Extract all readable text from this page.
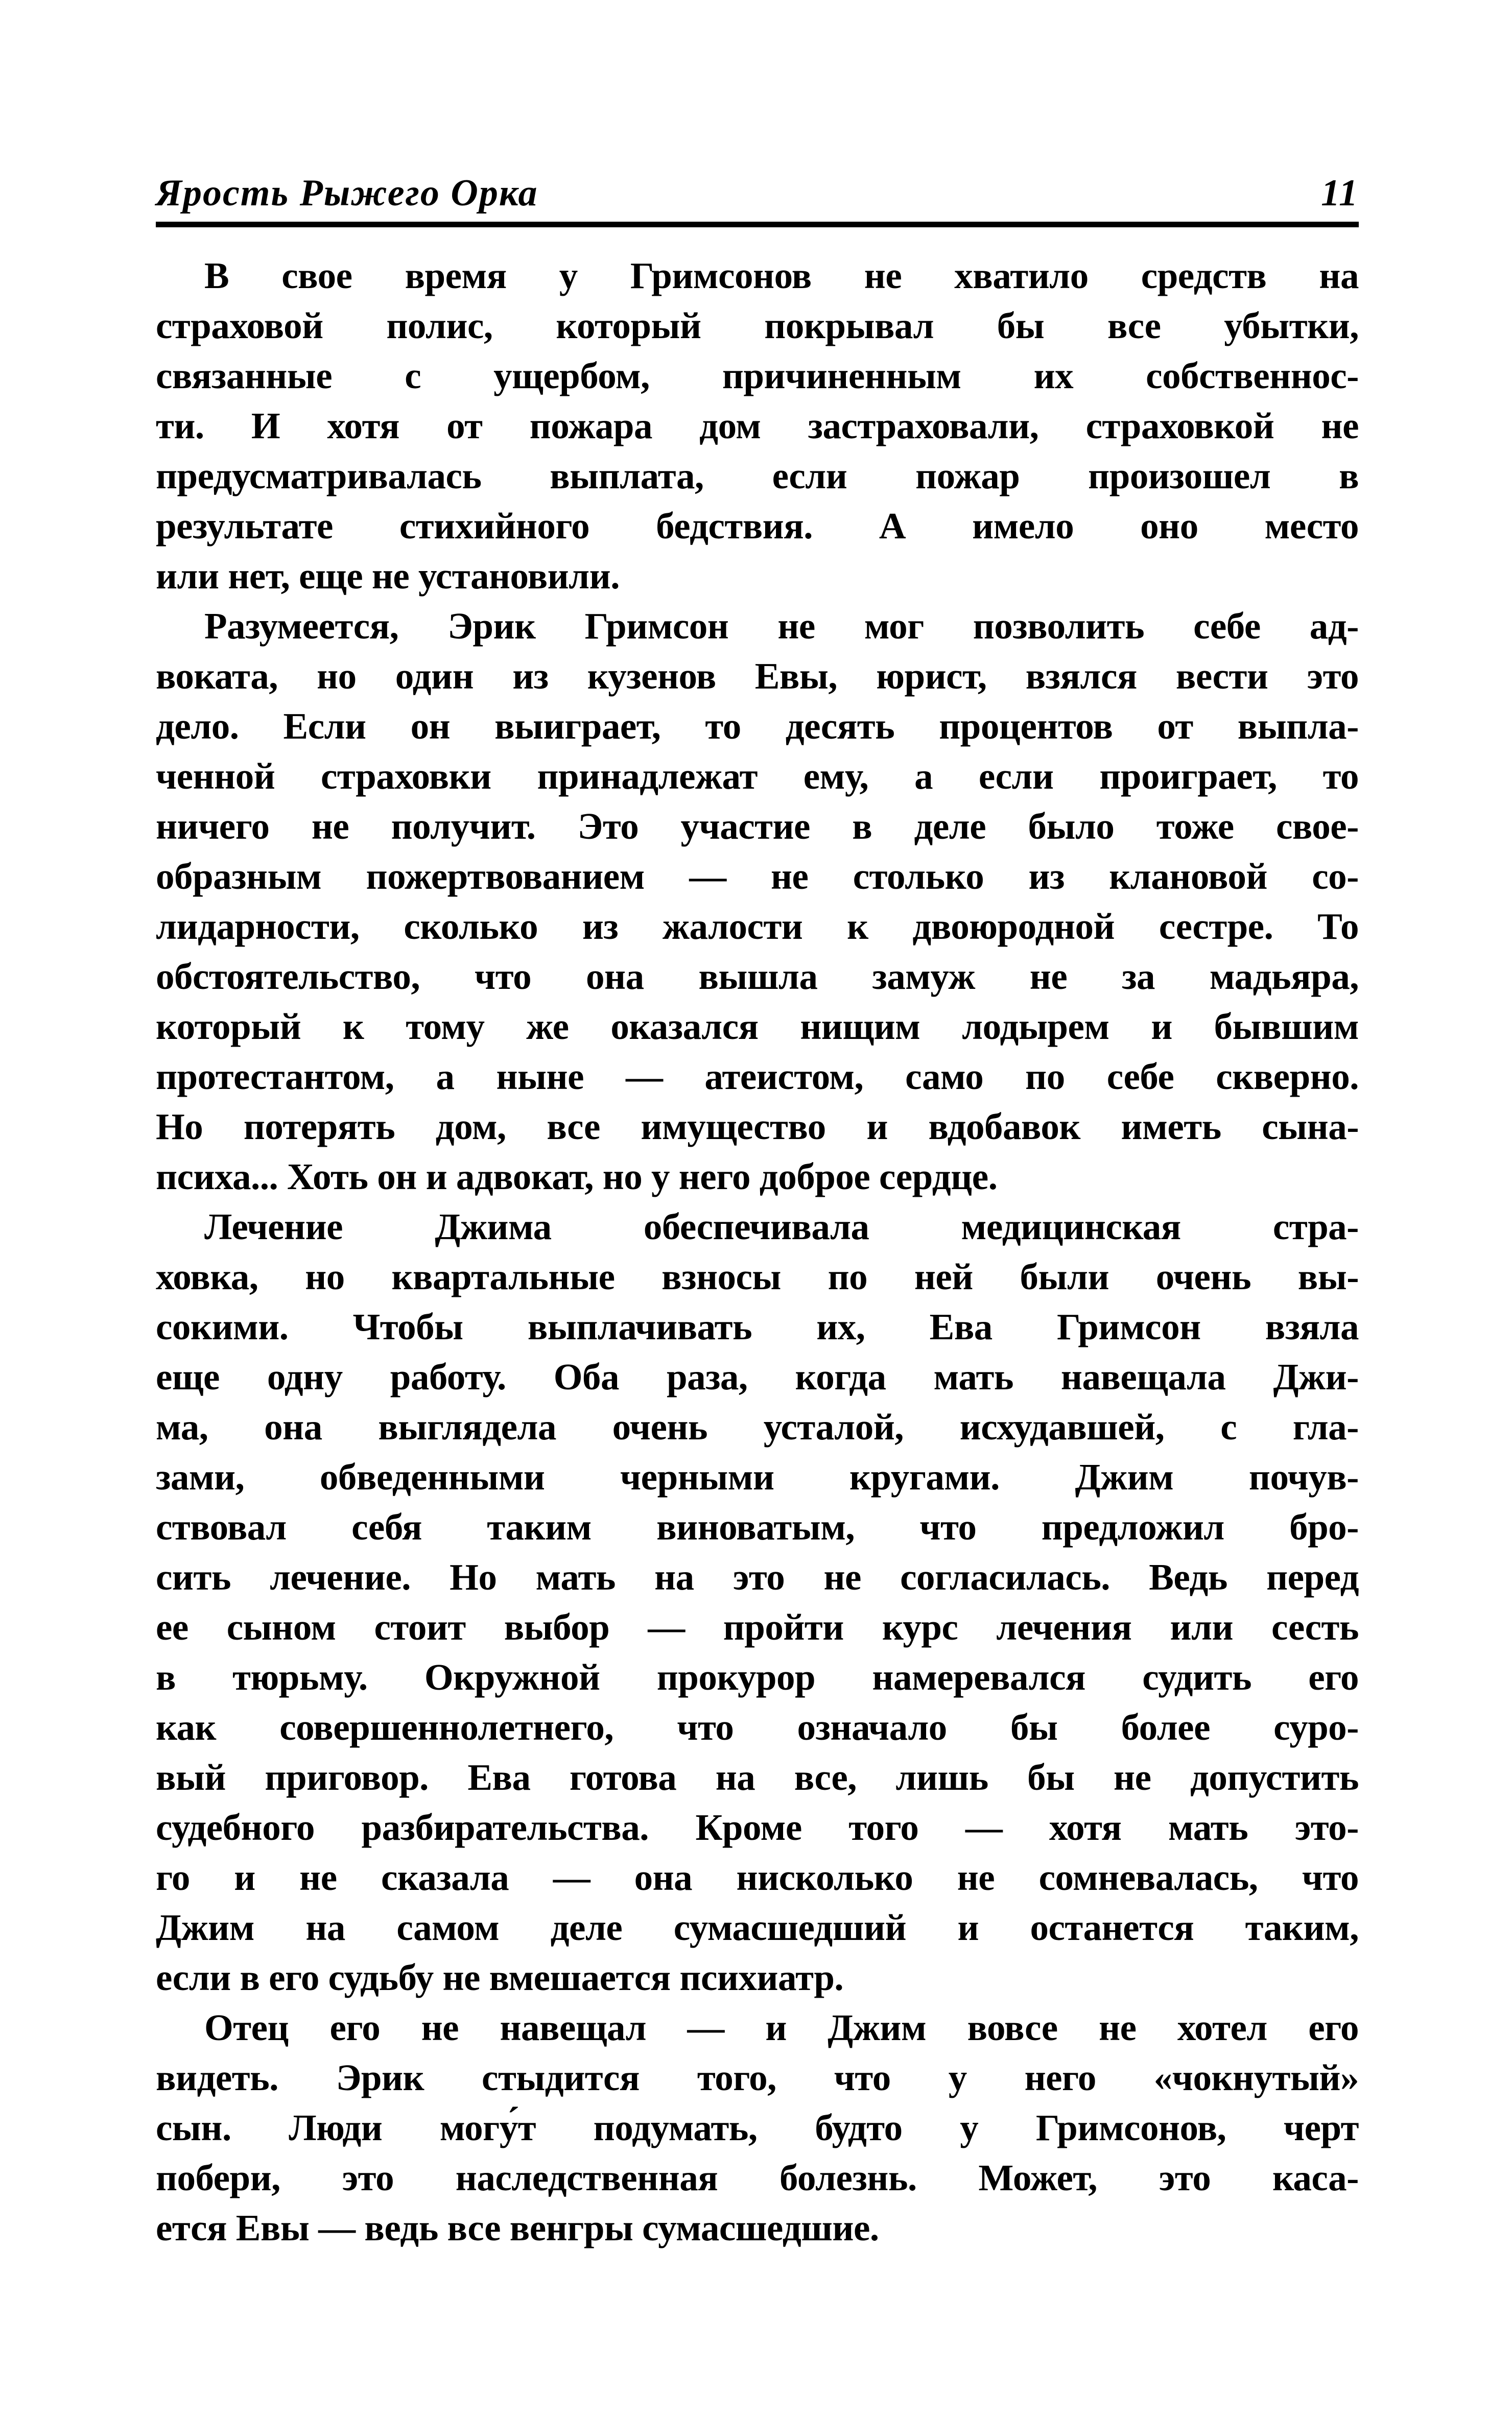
Ярость Рыжего Орка	11
В свое время у Гримсонов не хватило средств на
страховой полис, который покрывал бы все убытки,
связанные с ущербом, причиненным их собственнос-
ти. И хотя от пожара дом застраховали, страховкой не
предусматривалась выплата, если пожар произошел в
результате стихийного бедствия. А имело оно место
или нет, еще не установили.
Разумеется, Эрик Гримсон не мог позволить себе ад-
воката, но один из кузенов Евы, юрист, взялся вести это
дело. Если он выиграет, то десять процентов от выпла-
ченной страховки принадлежат ему, а если проиграет, то
ничего не получит. Это участие в деле было тоже свое-
образным пожертвованием — не столько из клановой со-
лидарности, сколько из жалости к двоюродной сестре. То
обстоятельство, что она вышла замуж не за мадьяра,
который к тому же оказался нищим лодырем и бывшим
протестантом, а ныне — атеистом, само по себе скверно.
Но потерять дом, все имущество и вдобавок иметь сына-
психа... Хоть он и адвокат, но у него доброе сердце.
Лечение Джима обеспечивала медицинская стра-
ховка, но квартальные взносы по ней были очень вы-
сокими. Чтобы выплачивать их, Ева Гримсон взяла
еще одну работу. Оба раза, когда мать навещала Джи-
ма, она выглядела очень усталой, исхудавшей, с гла-
зами, обведенными черными кругами. Джим почув-
ствовал себя таким виноватым, что предложил бро-
сить лечение. Но мать на это не согласилась. Ведь перед
ее сыном стоит выбор — пройти курс лечения или сесть
в тюрьму. Окружной прокурор намеревался судить его
как совершеннолетнего, что означало бы более суро-
вый приговор. Ева готова на все, лишь бы не допустить
судебного разбирательства. Кроме того — хотя мать это-
го и не сказала — она нисколько не сомневалась, что
Джим на самом деле сумасшедший и останется таким,
если в его судьбу не вмешается психиатр.
Отец его не навещал — и Джим вовсе не хотел его
видеть. Эрик стыдится того, что у него «чокнутый»
сын. Люди могу́т подумать, будто у Гримсонов, черт
побери, это наследственная болезнь. Может, это каса-
ется Евы — ведь все венгры сумасшедшие.
